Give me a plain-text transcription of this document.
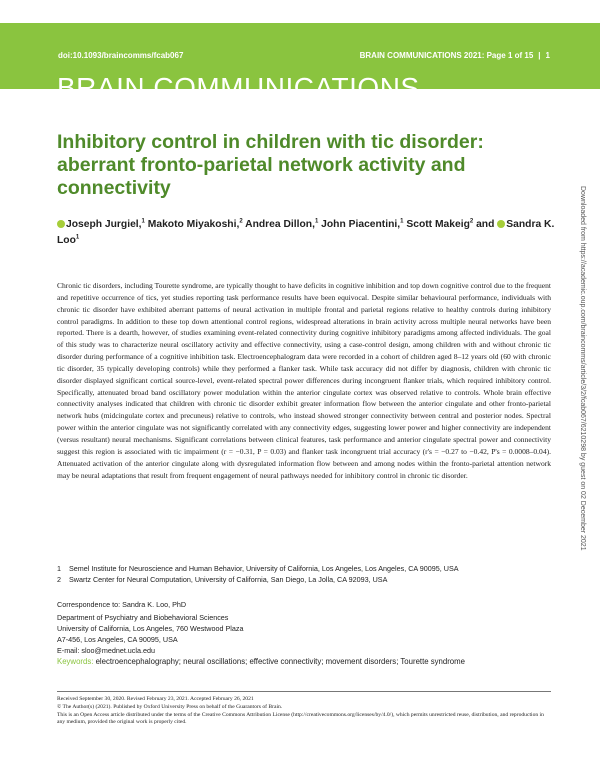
doi:10.1093/braincomms/fcab067	BRAIN COMMUNICATIONS 2021: Page 1 of 15 | 1
BRAIN COMMUNICATIONS
Inhibitory control in children with tic disorder: aberrant fronto-parietal network activity and connectivity
Joseph Jurgiel,$^1$ Makoto Miyakoshi,$^2$ Andrea Dillon,$^1$ John Piacentini,$^1$ Scott Makeig$^2$ and Sandra K. Loo$^1$

Chronic tic disorders, including Tourette syndrome, are typically thought to have deficits in cognitive inhibition and top down cognitive control due to the frequent and repetitive occurrence of tics, yet studies reporting task performance results have been equivocal. Despite similar behavioural performance, individuals with chronic tic disorder have exhibited aberrant patterns of neural activation in multiple frontal and parietal regions relative to healthy controls during inhibitory control paradigms. In addition to these top down attentional control regions, widespread alterations in brain activity across multiple neural networks have been reported. There is a dearth, however, of studies examining event-related connectivity during cognitive inhibitory paradigms among affected individuals. The goal of this study was to characterize neural oscillatory activity and effective connectivity, using a case-control design, among children with and without chronic tic disorder during performance of a cognitive inhibition task. Electroencephalogram data were recorded in a cohort of children aged 8–12 years old (60 with chronic tic disorder, 35 typically developing controls) while they performed a flanker task. While task accuracy did not differ by diagnosis, children with chronic tic disorder displayed significant cortical source-level, event-related spectral power differences during incongruent flanker trials, which required inhibitory control. Specifically, attenuated broad band oscillatory power modulation within the anterior cingulate cortex was observed relative to controls. Whole brain effective connectivity analyses indicated that children with chronic tic disorder exhibit greater information flow between the anterior cingulate and other fronto-parietal network hubs (midcingulate cortex and precuneus) relative to controls, who instead showed stronger connectivity between central and posterior nodes. Spectral power within the anterior cingulate was not significantly correlated with any connectivity edges, suggesting lower power and higher connectivity are independent (versus resultant) neural mechanisms. Significant correlations between clinical features, task performance and anterior cingulate spectral power and connectivity suggest this region is associated with tic impairment (r = −0.31, P = 0.03) and flanker task incongruent trial accuracy (r's = −0.27 to −0.42, P's = 0.0008–0.04). Attenuated activation of the anterior cingulate along with dysregulated information flow between and among nodes within the fronto-parietal attention network may be neural adaptations that result from frequent engagement of neural pathways needed for inhibitory control in chronic tic disorder.

1 Semel Institute for Neuroscience and Human Behavior, University of California, Los Angeles, Los Angeles, CA 90095, USA
2 Swartz Center for Neural Computation, University of California, San Diego, La Jolla, CA 92093, USA
Correspondence to: Sandra K. Loo, PhD
Department of Psychiatry and Biobehavioral Sciences
University of California, Los Angeles, 760 Westwood Plaza
A7-456, Los Angeles, CA 90095, USA
E-mail: sloo@mednet.ucla.edu
Keywords: electroencephalography; neural oscillations; effective connectivity; movement disorders; Tourette syndrome
Received September 30, 2020. Revised February 23, 2021. Accepted February 26, 2021
© The Author(s) (2021). Published by Oxford University Press on behalf of the Guarantors of Brain.
This is an Open Access article distributed under the terms of the Creative Commons Attribution License (http://creativecommons.org/licenses/by/4.0/), which permits unrestricted reuse, distribution, and reproduction in any medium, provided the original work is properly cited.
Downloaded from https://academic.oup.com/braincomms/article/3/2/fcab067/6210298 by guest on 02 December 2021
